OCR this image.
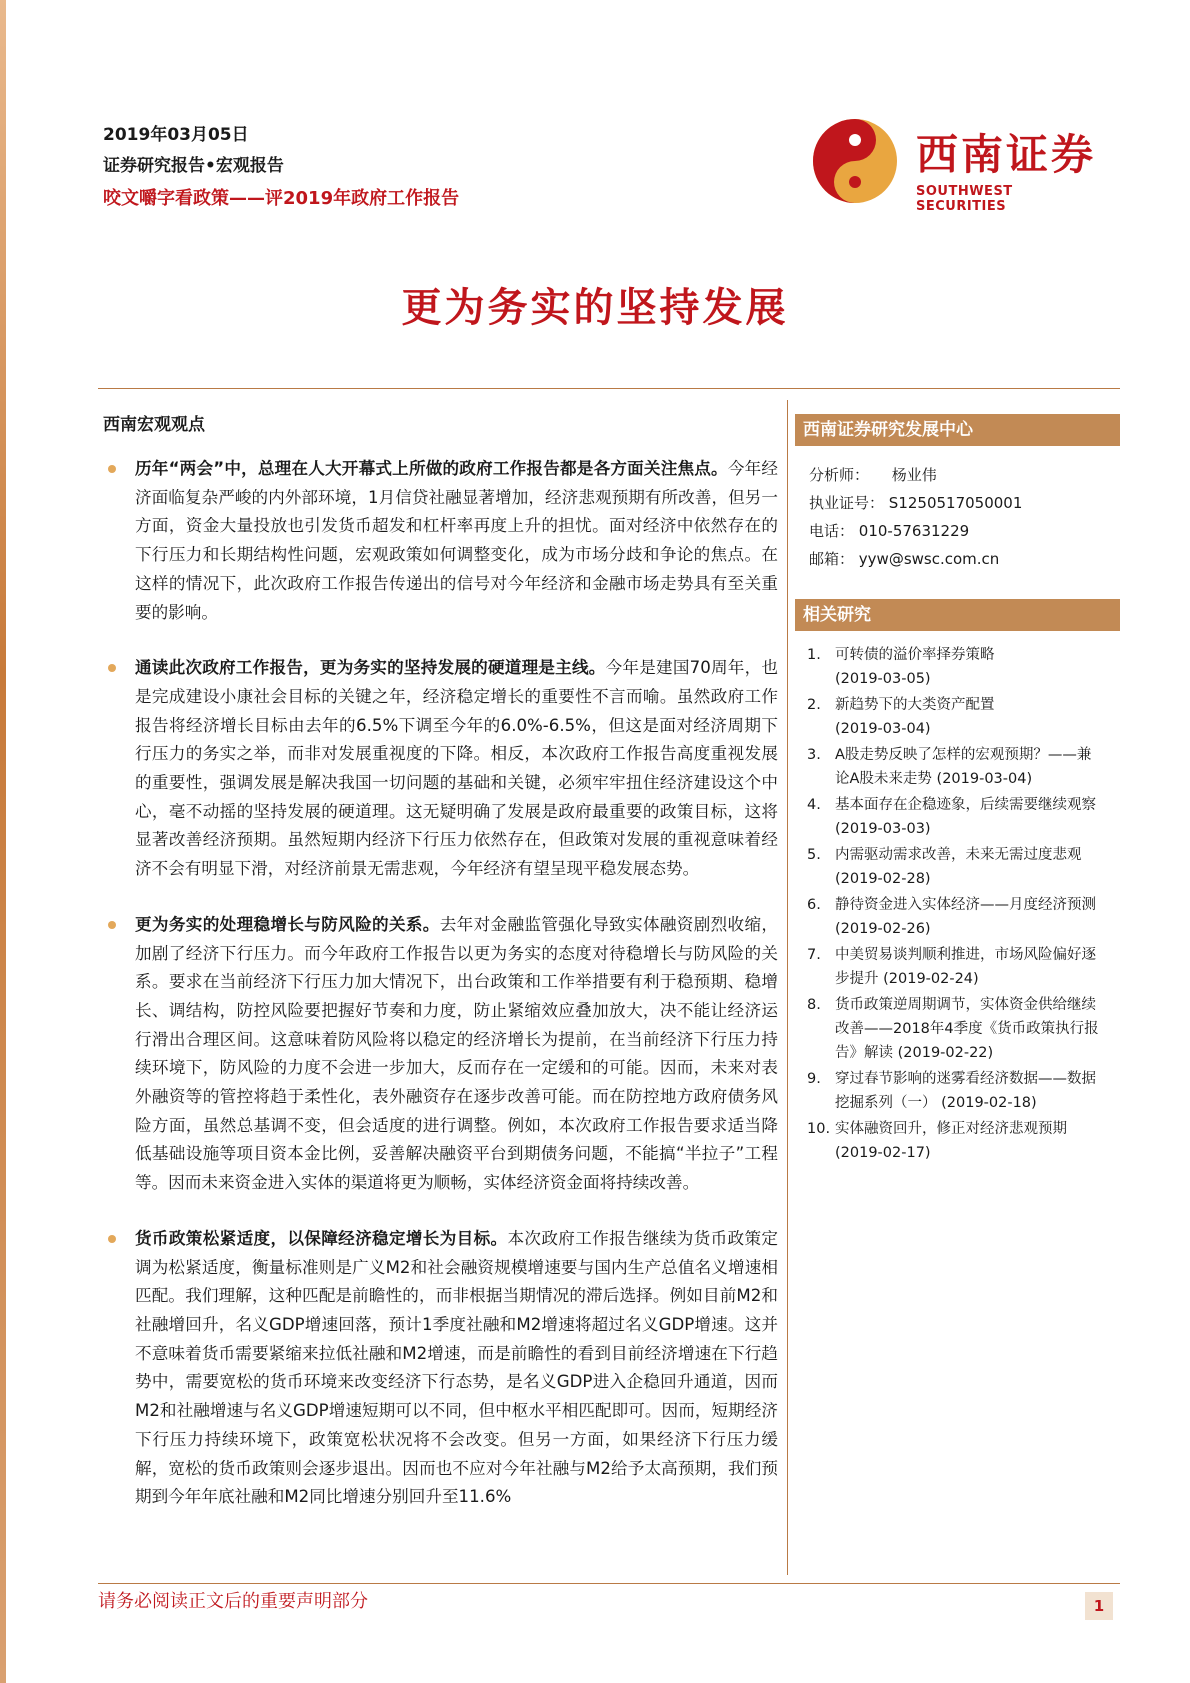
2019年03月05日
证券研究报告•宏观报告
咬文嚼字看政策——评2019年政府工作报告
西南证券
SOUTHWEST SECURITIES
更为务实的坚持发展
西南宏观观点

历年“两会”中，总理在人大开幕式上所做的政府工作报告都是各方面关注焦点。今年经济面临复杂严峻的内外部环境，1月信贷社融显著增加，经济悲观预期有所改善，但另一方面，资金大量投放也引发货币超发和杠杆率再度上升的担忧。面对经济中依然存在的下行压力和长期结构性问题，宏观政策如何调整变化，成为市场分歧和争论的焦点。在这样的情况下，此次政府工作报告传递出的信号对今年经济和金融市场走势具有至关重要的影响。

通读此次政府工作报告，更为务实的坚持发展的硬道理是主线。今年是建国70周年，也是完成建设小康社会目标的关键之年，经济稳定增长的重要性不言而喻。虽然政府工作报告将经济增长目标由去年的6.5%下调至今年的6.0%-6.5%，但这是面对经济周期下行压力的务实之举，而非对发展重视度的下降。相反，本次政府工作报告高度重视发展的重要性，强调发展是解决我国一切问题的基础和关键，必须牢牢扭住经济建设这个中心，毫不动摇的坚持发展的硬道理。这无疑明确了发展是政府最重要的政策目标，这将显著改善经济预期。虽然短期内经济下行压力依然存在，但政策对发展的重视意味着经济不会有明显下滑，对经济前景无需悲观，今年经济有望呈现平稳发展态势。

更为务实的处理稳增长与防风险的关系。去年对金融监管强化导致实体融资剧烈收缩，加剧了经济下行压力。而今年政府工作报告以更为务实的态度对待稳增长与防风险的关系。要求在当前经济下行压力加大情况下，出台政策和工作举措要有利于稳预期、稳增长、调结构，防控风险要把握好节奏和力度，防止紧缩效应叠加放大，决不能让经济运行滑出合理区间。这意味着防风险将以稳定的经济增长为提前，在当前经济下行压力持续环境下，防风险的力度不会进一步加大，反而存在一定缓和的可能。因而，未来对表外融资等的管控将趋于柔性化，表外融资存在逐步改善可能。而在防控地方政府债务风险方面，虽然总基调不变，但会适度的进行调整。例如，本次政府工作报告要求适当降低基础设施等项目资本金比例，妥善解决融资平台到期债务问题，不能搞“半拉子”工程等。因而未来资金进入实体的渠道将更为顺畅，实体经济资金面将持续改善。

货币政策松紧适度，以保障经济稳定增长为目标。本次政府工作报告继续为货币政策定调为松紧适度，衡量标准则是广义M2和社会融资规模增速要与国内生产总值名义增速相匹配。我们理解，这种匹配是前瞻性的，而非根据当期情况的滞后选择。例如目前M2和社融增回升，名义GDP增速回落，预计1季度社融和M2增速将超过名义GDP增速。这并不意味着货币需要紧缩来拉低社融和M2增速，而是前瞻性的看到目前经济增速在下行趋势中，需要宽松的货币环境来改变经济下行态势，是名义GDP进入企稳回升通道，因而M2和社融增速与名义GDP增速短期可以不同，但中枢水平相匹配即可。因而，短期经济下行压力持续环境下，政策宽松状况将不会改变。但另一方面，如果经济下行压力缓解，宽松的货币政策则会逐步退出。因而也不应对今年社融与M2给予太高预期，我们预期到今年年底社融和M2同比增速分别回升至11.6%

西南证券研究发展中心
分析师： 杨业伟
执业证号： S1250517050001
电话： 010-57631229
邮箱： yyw@swsc.com.cn
相关研究
1. 可转债的溢价率择券策略
(2019-03-05)
2. 新趋势下的大类资产配置
(2019-03-04)
3. A股走势反映了怎样的宏观预期？——兼论A股未来走势 (2019-03-04)
4. 基本面存在企稳迹象，后续需要继续观察 (2019-03-03)
5. 内需驱动需求改善，未来无需过度悲观
(2019-02-28)
6. 静待资金进入实体经济——月度经济预测 (2019-02-26)
7. 中美贸易谈判顺利推进，市场风险偏好逐步提升 (2019-02-24)
8. 货币政策逆周期调节，实体资金供给继续改善——2018年4季度《货币政策执行报告》解读 (2019-02-22)
9. 穿过春节影响的迷雾看经济数据——数据挖掘系列（一） (2019-02-18)
10. 实体融资回升，修正对经济悲观预期
(2019-02-17)
请务必阅读正文后的重要声明部分	1
